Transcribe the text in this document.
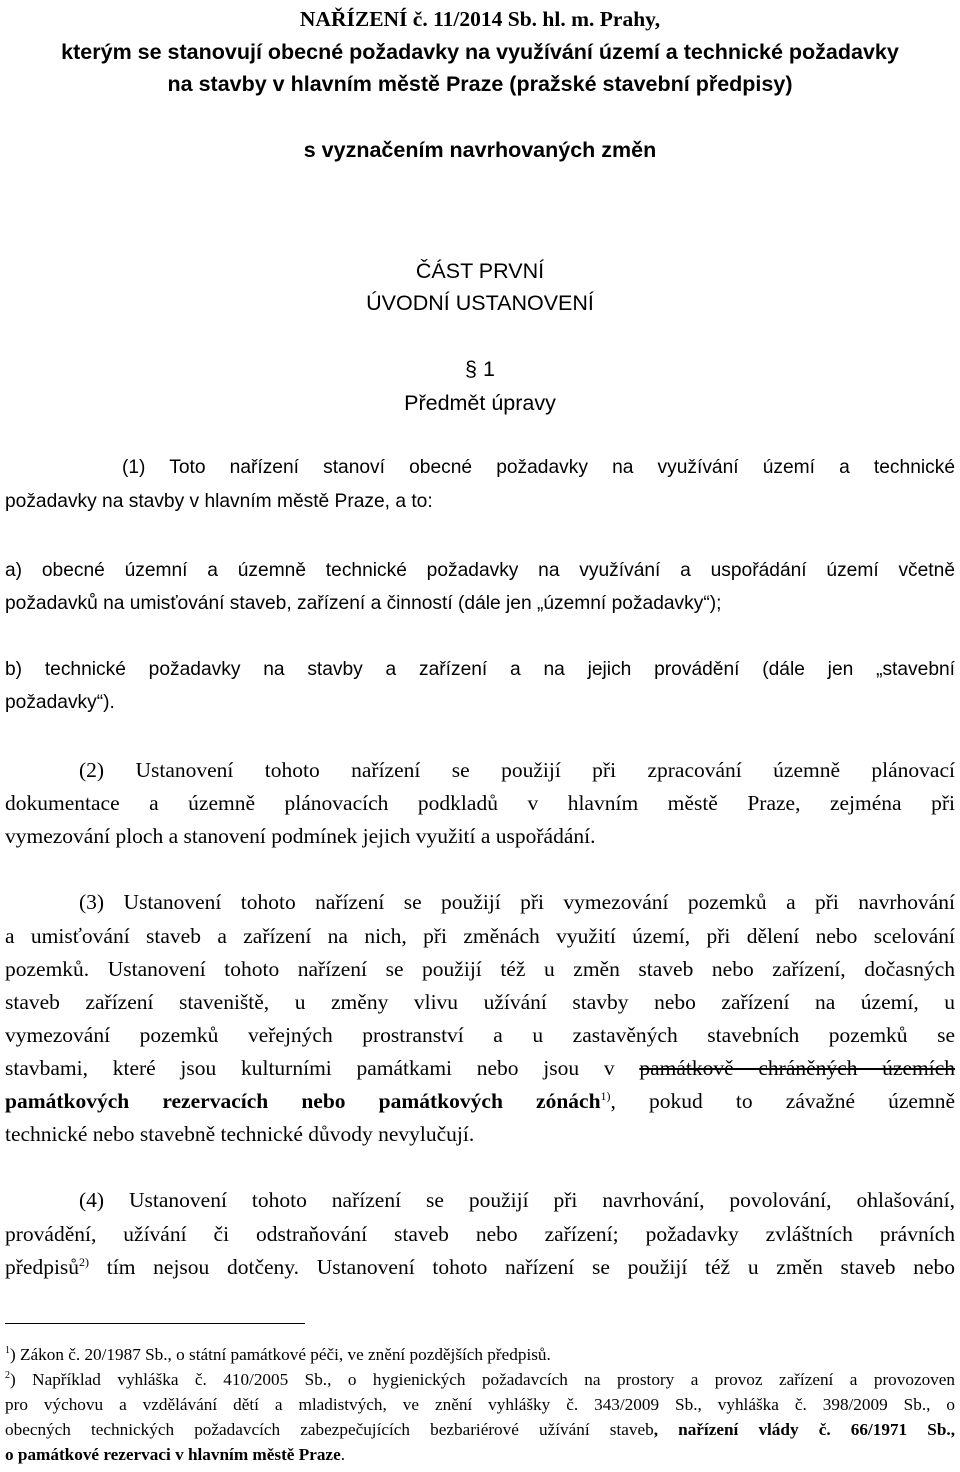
NAŘÍZENÍ č. 11/2014 Sb. hl. m. Prahy,
kterým se stanovují obecné požadavky na využívání území a technické požadavky
na stavby v hlavním městě Praze (pražské stavební předpisy)
s vyznačením navrhovaných změn
ČÁST PRVNÍ
ÚVODNÍ USTANOVENÍ
§ 1
Předmět úpravy
(1) Toto nařízení stanoví obecné požadavky na využívání území a technické
požadavky na stavby v hlavním městě Praze, a to:
a) obecné územní a územně technické požadavky na využívání a uspořádání území včetně
požadavků na umisťování staveb, zařízení a činností (dále jen „územní požadavky“);
b) technické požadavky na stavby a zařízení a na jejich provádění (dále jen „stavební
požadavky“).
(2) Ustanovení tohoto nařízení se použijí při zpracování územně plánovací
dokumentace a územně plánovacích podkladů v hlavním městě Praze, zejména při
vymezování ploch a stanovení podmínek jejich využití a uspořádání.
(3) Ustanovení tohoto nařízení se použijí při vymezování pozemků a při navrhování
a umisťování staveb a zařízení na nich, při změnách využití území, při dělení nebo scelování
pozemků. Ustanovení tohoto nařízení se použijí též u změn staveb nebo zařízení, dočasných
staveb zařízení staveniště, u změny vlivu užívání stavby nebo zařízení na území, u
vymezování pozemků veřejných prostranství a u zastavěných stavebních pozemků se
stavbami, které jsou kulturními památkami nebo jsou v památkově chráněných územích
památkových rezervacích nebo památkových zónách$^{1)}$, pokud to závažné územně
technické nebo stavebně technické důvody nevylučují.
(4) Ustanovení tohoto nařízení se použijí při navrhování, povolování, ohlašování,
provádění, užívání či odstraňování staveb nebo zařízení; požadavky zvláštních právních
předpisů$^{2)}$ tím nejsou dotčeny. Ustanovení tohoto nařízení se použijí též u změn staveb nebo
$^1$) Zákon č. 20/1987 Sb., o státní památkové péči, ve znění pozdějších předpisů.
$^2$) Například vyhláška č. 410/2005 Sb., o hygienických požadavcích na prostory a provoz zařízení a provozoven
pro výchovu a vzdělávání dětí a mladistvých, ve znění vyhlášky č. 343/2009 Sb., vyhláška č. 398/2009 Sb., o
obecných technických požadavcích zabezpečujících bezbariérové užívání staveb, nařízení vlády č. 66/1971 Sb.,
o památkové rezervaci v hlavním městě Praze.
